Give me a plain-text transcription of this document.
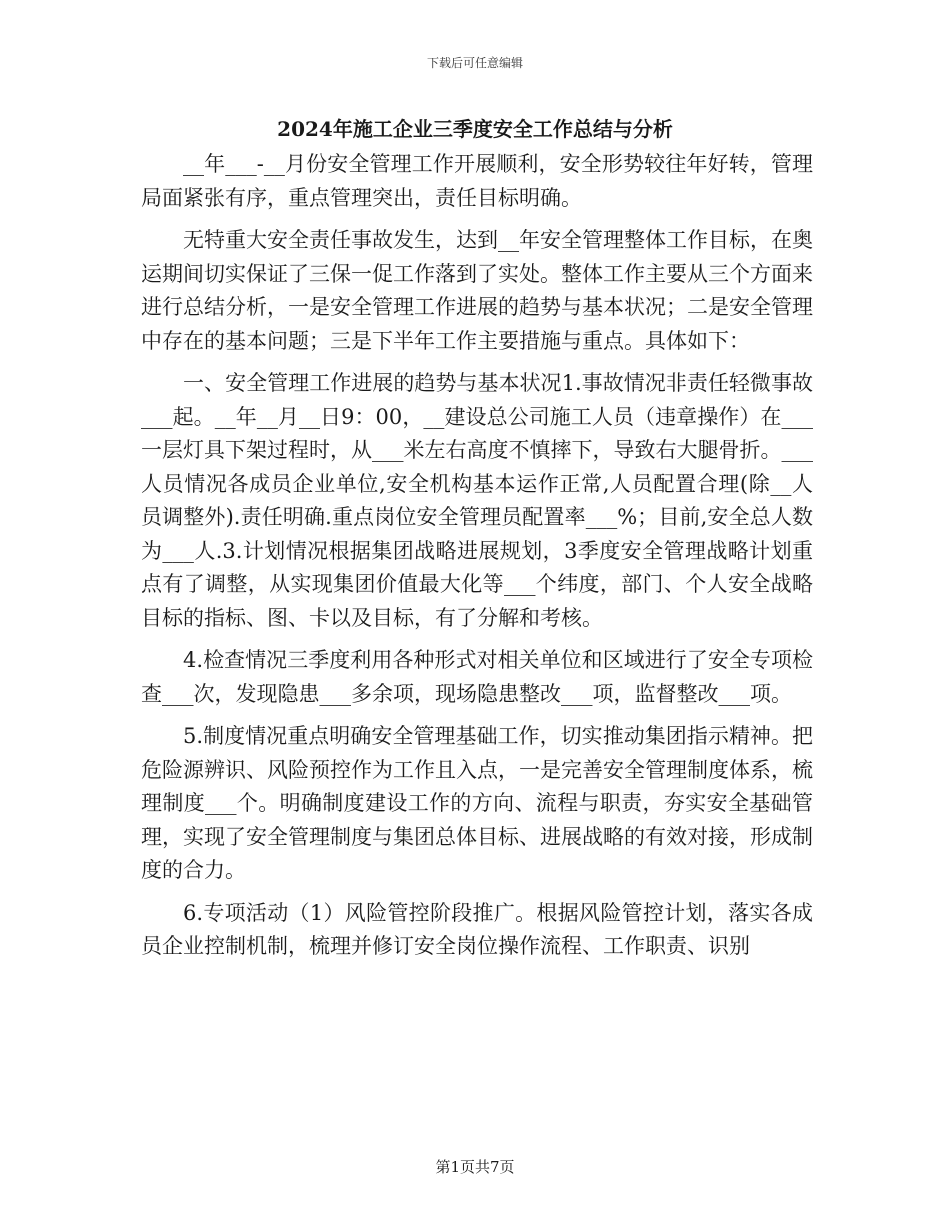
下载后可任意编辑
2024年施工企业三季度安全工作总结与分析

__年___-__月份安全管理工作开展顺利，安全形势较往年好转，管理局面紧张有序，重点管理突出，责任目标明确。

无特重大安全责任事故发生，达到__年安全管理整体工作目标，在奥运期间切实保证了三保一促工作落到了实处。整体工作主要从三个方面来进行总结分析，一是安全管理工作进展的趋势与基本状况；二是安全管理中存在的基本问题；三是下半年工作主要措施与重点。具体如下：

一、安全管理工作进展的趋势与基本状况1.事故情况非责任轻微事故___起。__年__月__日9：00，__建设总公司施工人员（违章操作）在___一层灯具下架过程时，从___米左右高度不慎摔下，导致右大腿骨折。___人员情况各成员企业单位,安全机构基本运作正常,人员配置合理(除__人员调整外).责任明确.重点岗位安全管理员配置率___%；目前,安全总人数为___人.3.计划情况根据集团战略进展规划，3季度安全管理战略计划重点有了调整，从实现集团价值最大化等___个纬度，部门、个人安全战略目标的指标、图、卡以及目标，有了分解和考核。

4.检查情况三季度利用各种形式对相关单位和区域进行了安全专项检查___次，发现隐患___多余项，现场隐患整改___项，监督整改___项。

5.制度情况重点明确安全管理基础工作，切实推动集团指示精神。把危险源辨识、风险预控作为工作且入点，一是完善安全管理制度体系，梳理制度___个。明确制度建设工作的方向、流程与职责，夯实安全基础管理，实现了安全管理制度与集团总体目标、进展战略的有效对接，形成制度的合力。

6.专项活动（1）风险管控阶段推广。根据风险管控计划，落实各成员企业控制机制，梳理并修订安全岗位操作流程、工作职责、识别

第1页共7页
